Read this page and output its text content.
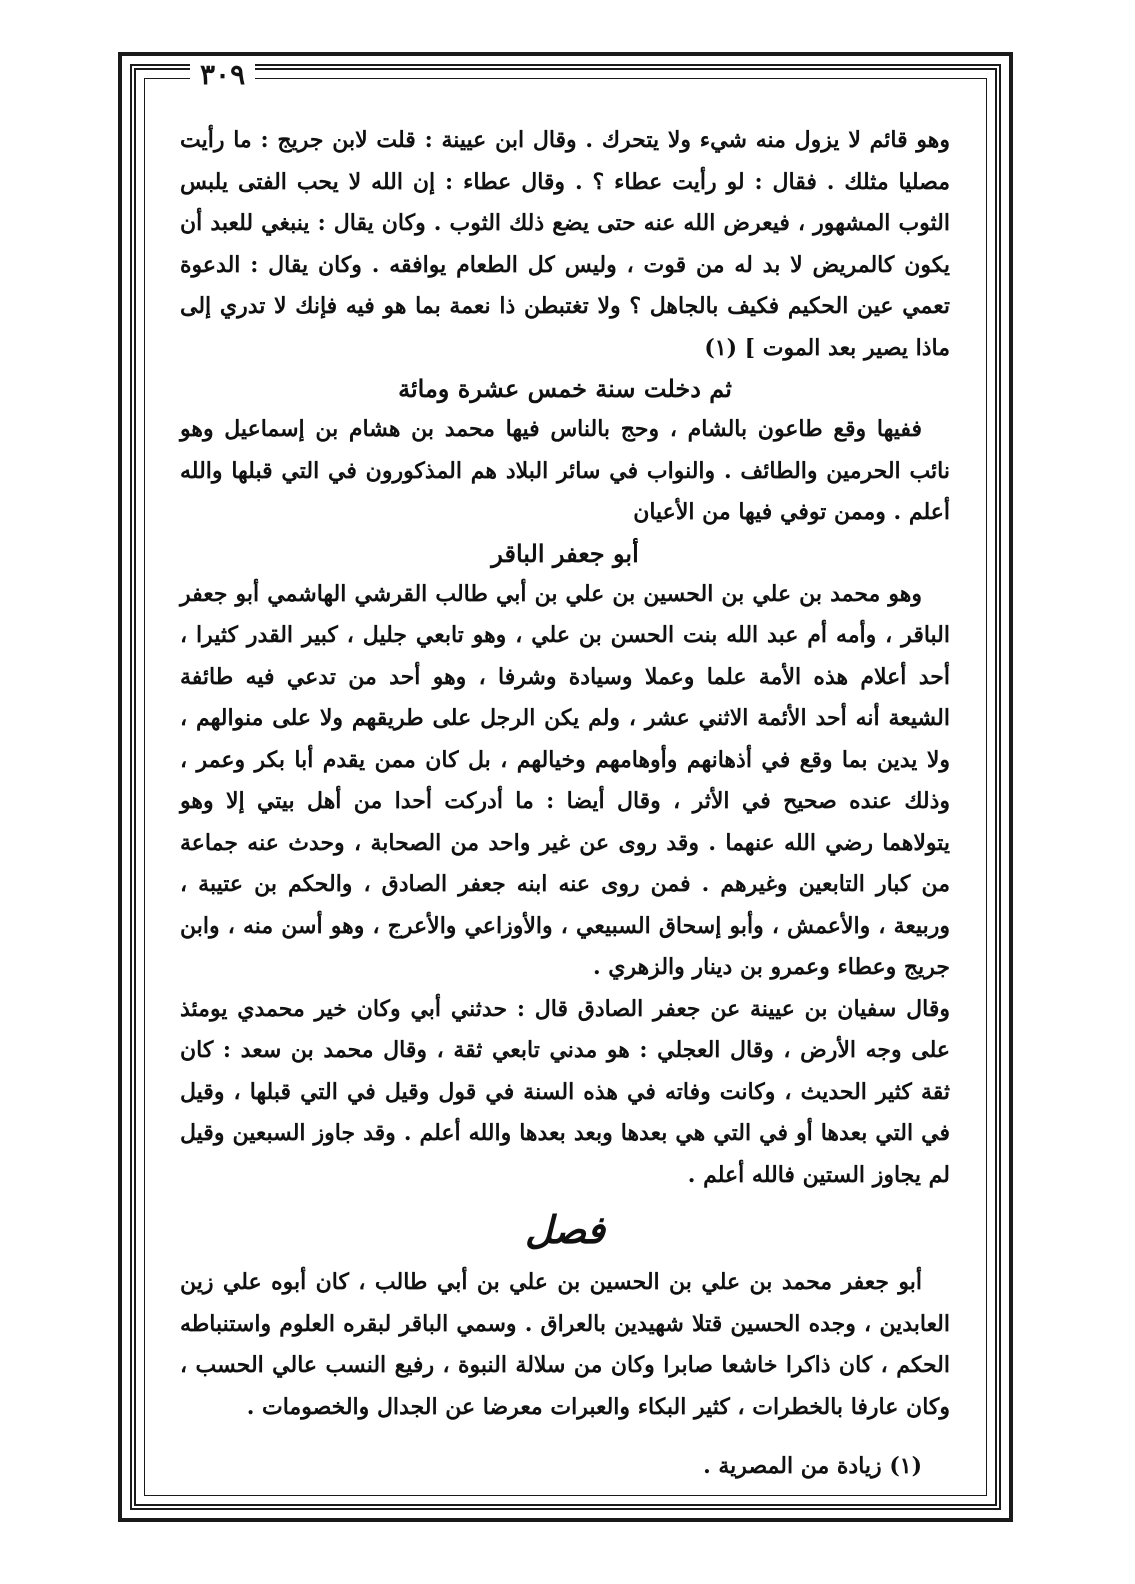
٣٠٩

وهو قائم لا يزول منه شيء ولا يتحرك . وقال ابن عيينة : قلت لابن جريج : ما رأيت مصليا مثلك . فقال : لو رأيت عطاء ؟ . وقال عطاء : إن الله لا يحب الفتى يلبس الثوب المشهور ، فيعرض الله عنه حتى يضع ذلك الثوب . وكان يقال : ينبغي للعبد أن يكون كالمريض لا بد له من قوت ، وليس كل الطعام يوافقه . وكان يقال : الدعوة تعمي عين الحكيم فكيف بالجاهل ؟ ولا تغتبطن ذا نعمة بما هو فيه فإنك لا تدري إلى ماذا يصير بعد الموت ] (١)

ثم دخلت سنة خمس عشرة ومائة

ففيها وقع طاعون بالشام ، وحج بالناس فيها محمد بن هشام بن إسماعيل وهو نائب الحرمين والطائف . والنواب في سائر البلاد هم المذكورون في التي قبلها والله أعلم . وممن توفي فيها من الأعيان

أبو جعفر الباقر

وهو محمد بن علي بن الحسين بن علي بن أبي طالب القرشي الهاشمي أبو جعفر الباقر ، وأمه أم عبد الله بنت الحسن بن علي ، وهو تابعي جليل ، كبير القدر كثيرا ، أحد أعلام هذه الأمة علما وعملا وسيادة وشرفا ، وهو أحد من تدعي فيه طائفة الشيعة أنه أحد الأئمة الاثني عشر ، ولم يكن الرجل على طريقهم ولا على منوالهم ، ولا يدين بما وقع في أذهانهم وأوهامهم وخيالهم ، بل كان ممن يقدم أبا بكر وعمر ، وذلك عنده صحيح في الأثر ، وقال أيضا : ما أدركت أحدا من أهل بيتي إلا وهو يتولاهما رضي الله عنهما . وقد روى عن غير واحد من الصحابة ، وحدث عنه جماعة من كبار التابعين وغيرهم . فمن روى عنه ابنه جعفر الصادق ، والحكم بن عتيبة ، وربيعة ، والأعمش ، وأبو إسحاق السبيعي ، والأوزاعي والأعرج ، وهو أسن منه ، وابن جريج وعطاء وعمرو بن دينار والزهري .

وقال سفيان بن عيينة عن جعفر الصادق قال : حدثني أبي وكان خير محمدي يومئذ على وجه الأرض ، وقال العجلي : هو مدني تابعي ثقة ، وقال محمد بن سعد : كان ثقة كثير الحديث ، وكانت وفاته في هذه السنة في قول وقيل في التي قبلها ، وقيل في التي بعدها أو في التي هي بعدها وبعد بعدها والله أعلم . وقد جاوز السبعين وقيل لم يجاوز الستين فالله أعلم .

فصل

أبو جعفر محمد بن علي بن الحسين بن علي بن أبي طالب ، كان أبوه علي زين العابدين ، وجده الحسين قتلا شهيدين بالعراق . وسمي الباقر لبقره العلوم واستنباطه الحكم ، كان ذاكرا خاشعا صابرا وكان من سلالة النبوة ، رفيع النسب عالي الحسب ، وكان عارفا بالخطرات ، كثير البكاء والعبرات معرضا عن الجدال والخصومات .

(١) زيادة من المصرية .
